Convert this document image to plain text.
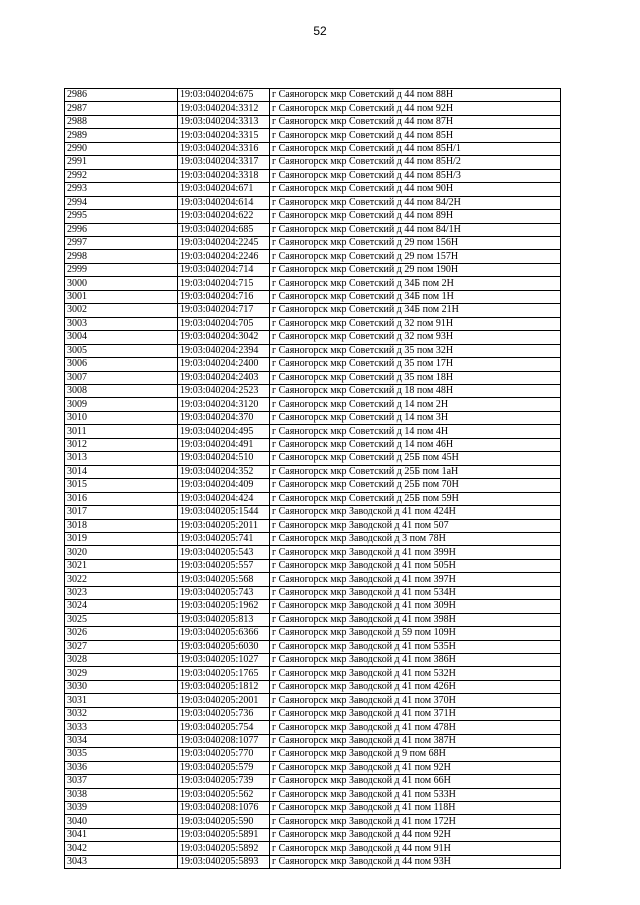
52
2986	19:03:040204:675	г Саяногорск мкр Советский д 44 пом 88Н
2987	19:03:040204:3312	г Саяногорск мкр Советский д 44 пом 92Н
2988	19:03:040204:3313	г Саяногорск мкр Советский д 44 пом 87Н
2989	19:03:040204:3315	г Саяногорск мкр Советский д 44 пом 85Н
2990	19:03:040204:3316	г Саяногорск мкр Советский д 44 пом 85Н/1
2991	19:03:040204:3317	г Саяногорск мкр Советский д 44 пом 85Н/2
2992	19:03:040204:3318	г Саяногорск мкр Советский д 44 пом 85Н/3
2993	19:03:040204:671	г Саяногорск мкр Советский д 44 пом 90Н
2994	19:03:040204:614	г Саяногорск мкр Советский д 44 пом 84/2Н
2995	19:03:040204:622	г Саяногорск мкр Советский д 44 пом 89Н
2996	19:03:040204:685	г Саяногорск мкр Советский д 44 пом 84/1Н
2997	19:03:040204:2245	г Саяногорск мкр Советский д 29 пом 156Н
2998	19:03:040204:2246	г Саяногорск мкр Советский д 29 пом 157Н
2999	19:03:040204:714	г Саяногорск мкр Советский д 29 пом 190Н
3000	19:03:040204:715	г Саяногорск мкр Советский д 34Б пом 2Н
3001	19:03:040204:716	г Саяногорск мкр Советский д 34Б пом 1Н
3002	19:03:040204:717	г Саяногорск мкр Советский д 34Б пом 21Н
3003	19:03:040204:705	г Саяногорск мкр Советский д 32 пом 91Н
3004	19:03:040204:3042	г Саяногорск мкр Советский д 32 пом 93Н
3005	19:03:040204:2394	г Саяногорск мкр Советский д 35 пом 32Н
3006	19:03:040204:2400	г Саяногорск мкр Советский д 35 пом 17Н
3007	19:03:040204:2403	г Саяногорск мкр Советский д 35 пом 18Н
3008	19:03:040204:2523	г Саяногорск мкр Советский д 18 пом 48Н
3009	19:03:040204:3120	г Саяногорск мкр Советский д 14 пом 2Н
3010	19:03:040204:370	г Саяногорск мкр Советский д 14 пом 3Н
3011	19:03:040204:495	г Саяногорск мкр Советский д 14 пом 4Н
3012	19:03:040204:491	г Саяногорск мкр Советский д 14 пом 46Н
3013	19:03:040204:510	г Саяногорск мкр Советский д 25Б пом 45Н
3014	19:03:040204:352	г Саяногорск мкр Советский д 25Б пом 1аН
3015	19:03:040204:409	г Саяногорск мкр Советский д 25Б пом 70Н
3016	19:03:040204:424	г Саяногорск мкр Советский д 25Б пом 59Н
3017	19:03:040205:1544	г Саяногорск мкр Заводской д 41 пом 424Н
3018	19:03:040205:2011	г Саяногорск мкр Заводской д 41 пом 507
3019	19:03:040205:741	г Саяногорск мкр Заводской д 3 пом 78Н
3020	19:03:040205:543	г Саяногорск мкр Заводской д 41 пом 399Н
3021	19:03:040205:557	г Саяногорск мкр Заводской д 41 пом 505Н
3022	19:03:040205:568	г Саяногорск мкр Заводской д 41 пом 397Н
3023	19:03:040205:743	г Саяногорск мкр Заводской д 41 пом 534Н
3024	19:03:040205:1962	г Саяногорск мкр Заводской д 41 пом 309Н
3025	19:03:040205:813	г Саяногорск мкр Заводской д 41 пом 398Н
3026	19:03:040205:6366	г Саяногорск мкр Заводской д 59 пом 109Н
3027	19:03:040205:6030	г Саяногорск мкр Заводской д 41 пом 535Н
3028	19:03:040205:1027	г Саяногорск мкр Заводской д 41 пом 386Н
3029	19:03:040205:1765	г Саяногорск мкр Заводской д 41 пом 532Н
3030	19:03:040205:1812	г Саяногорск мкр Заводской д 41 пом 426Н
3031	19:03:040205:2001	г Саяногорск мкр Заводской д 41 пом 370Н
3032	19:03:040205:736	г Саяногорск мкр Заводской д 41 пом 371Н
3033	19:03:040205:754	г Саяногорск мкр Заводской д 41 пом 478Н
3034	19:03:040208:1077	г Саяногорск мкр Заводской д 41 пом 387Н
3035	19:03:040205:770	г Саяногорск мкр Заводской д 9 пом 68Н
3036	19:03:040205:579	г Саяногорск мкр Заводской д 41 пом 92Н
3037	19:03:040205:739	г Саяногорск мкр Заводской д 41 пом 66Н
3038	19:03:040205:562	г Саяногорск мкр Заводской д 41 пом 533Н
3039	19:03:040208:1076	г Саяногорск мкр Заводской д 41 пом 118Н
3040	19:03:040205:590	г Саяногорск мкр Заводской д 41 пом 172Н
3041	19:03:040205:5891	г Саяногорск мкр Заводской д 44 пом 92Н
3042	19:03:040205:5892	г Саяногорск мкр Заводской д 44 пом 91Н
3043	19:03:040205:5893	г Саяногорск мкр Заводской д 44 пом 93Н
